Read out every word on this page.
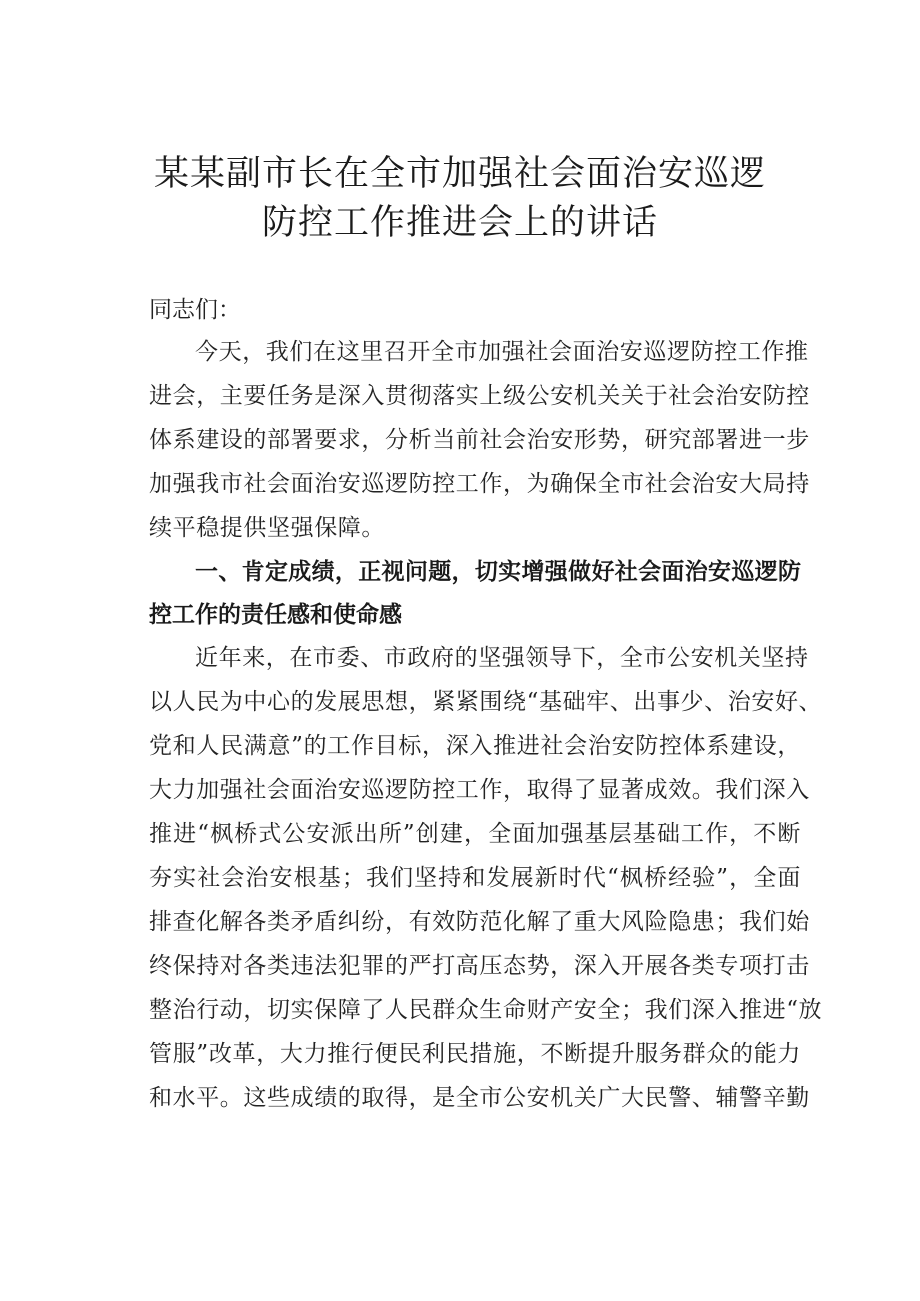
某某副市长在全市加强社会面治安巡逻
防控工作推进会上的讲话
同志们：
今天，我们在这里召开全市加强社会面治安巡逻防控工作推
进会，主要任务是深入贯彻落实上级公安机关关于社会治安防控
体系建设的部署要求，分析当前社会治安形势，研究部署进一步
加强我市社会面治安巡逻防控工作，为确保全市社会治安大局持
续平稳提供坚强保障。
一、肯定成绩，正视问题，切实增强做好社会面治安巡逻防
控工作的责任感和使命感
近年来，在市委、市政府的坚强领导下，全市公安机关坚持
以人民为中心的发展思想，紧紧围绕“基础牢、出事少、治安好、
党和人民满意”的工作目标，深入推进社会治安防控体系建设，
大力加强社会面治安巡逻防控工作，取得了显著成效。我们深入
推进“枫桥式公安派出所”创建，全面加强基层基础工作，不断
夯实社会治安根基；我们坚持和发展新时代“枫桥经验”，全面
排查化解各类矛盾纠纷，有效防范化解了重大风险隐患；我们始
终保持对各类违法犯罪的严打高压态势，深入开展各类专项打击
整治行动，切实保障了人民群众生命财产安全；我们深入推进“放
管服”改革，大力推行便民利民措施，不断提升服务群众的能力
和水平。这些成绩的取得，是全市公安机关广大民警、辅警辛勤
